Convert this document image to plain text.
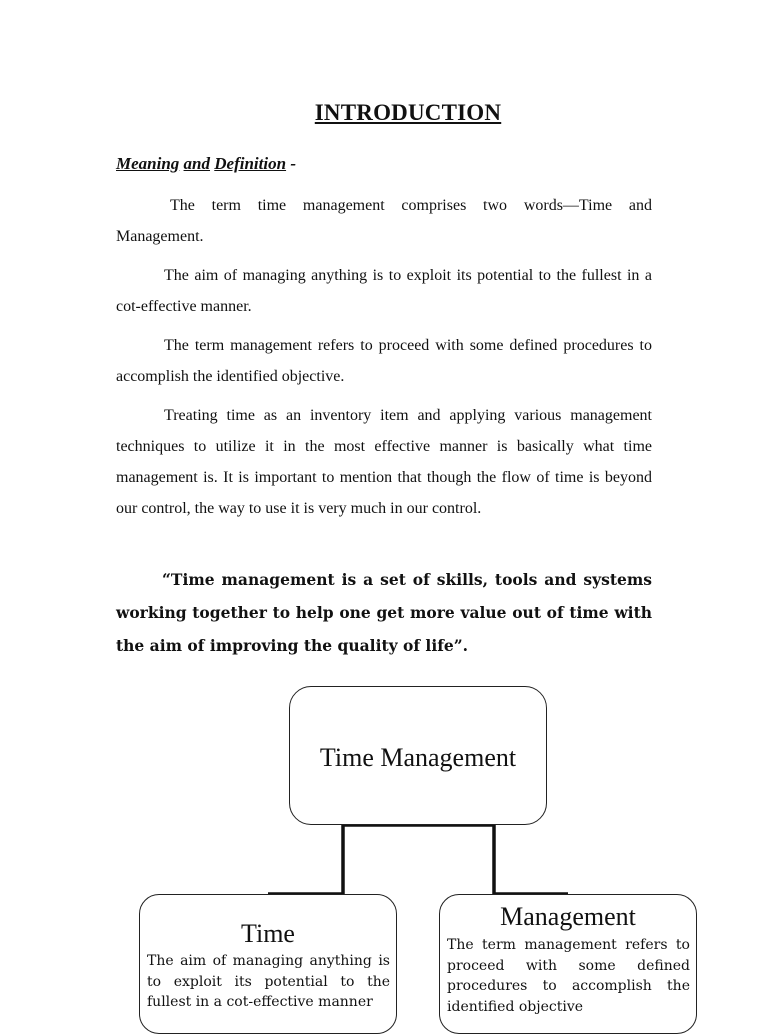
INTRODUCTION
Meaning and Definition -
The term time management comprises two words—Time and Management.
The aim of managing anything is to exploit its potential to the fullest in a cot-effective manner.
The term management refers to proceed with some defined procedures to accomplish the identified objective.
Treating time as an inventory item and applying various management techniques to utilize it in the most effective manner is basically what time management is. It is important to mention that though the flow of time is beyond our control, the way to use it is very much in our control.
“Time management is a set of skills, tools and systems working together to help one get more value out of time with the aim of improving the quality of life”.
Time Management
Time
The aim of managing anything is to exploit its potential to the fullest in a cot-effective manner
Management
The term management refers to proceed with some defined procedures to accomplish the identified objective
